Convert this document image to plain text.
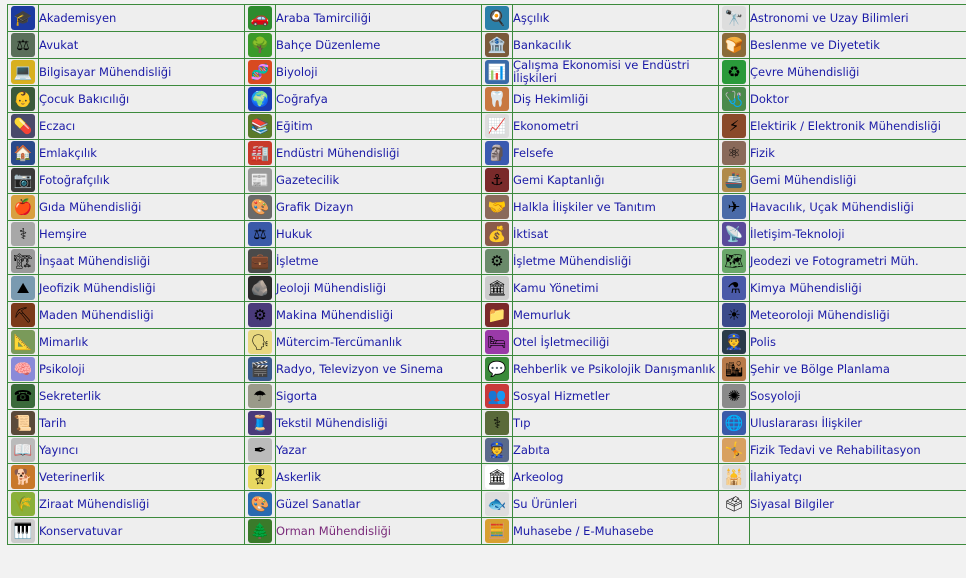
🎓	Akademisyen	🚗	Araba Tamirciliği	🍳	Aşçılık	🔭	Astronomi ve Uzay Bilimleri

⚖	Avukat	🌳	Bahçe Düzenleme	🏦	Bankacılık	🍞	Beslenme ve Diyetetik

💻	Bilgisayar Mühendisliği	🧬	Biyoloji	📊	Çalışma Ekonomisi ve Endüstri İlişkileri	♻	Çevre Mühendisliği

👶	Çocuk Bakıcılığı	🌍	Coğrafya	🦷	Diş Hekimliği	🩺	Doktor

💊	Eczacı	📚	Eğitim	📈	Ekonometri	⚡	Elektirik / Elektronik Mühendisliği

🏠	Emlakçılık	🏭	Endüstri Mühendisliği	🗿	Felsefe	⚛	Fizik

📷	Fotoğrafçılık	📰	Gazetecilik	⚓	Gemi Kaptanlığı	🚢	Gemi Mühendisliği

🍎	Gıda Mühendisliği	🎨	Grafik Dizayn	🤝	Halkla İlişkiler ve Tanıtım	✈	Havacılık, Uçak Mühendisliği

⚕	Hemşire	⚖	Hukuk	💰	İktisat	📡	İletişim-Teknoloji

🏗	İnşaat Mühendisliği	💼	İşletme	⚙	İşletme Mühendisliği	🗺	Jeodezi ve Fotogrametri Müh.

⛰	Jeofizik Mühendisliği	🪨	Jeoloji Mühendisliği	🏛	Kamu Yönetimi	⚗	Kimya Mühendisliği

⛏	Maden Mühendisliği	⚙	Makina Mühendisliği	📁	Memurluk	☀	Meteoroloji Mühendisliği

📐	Mimarlık	🗣	Mütercim-Tercümanlık	🛏	Otel İşletmeciliği	👮	Polis

🧠	Psikoloji	🎬	Radyo, Televizyon ve Sinema	💬	Rehberlik ve Psikolojik Danışmanlık	🏙	Şehir ve Bölge Planlama

☎	Sekreterlik	☂	Sigorta	👥	Sosyal Hizmetler	✺	Sosyoloji

📜	Tarih	🧵	Tekstil Mühendisliği	⚕	Tıp	🌐	Uluslararası İlişkiler

📖	Yayıncı	✒	Yazar	👮	Zabıta	🤸	Fizik Tedavi ve Rehabilitasyon

🐕	Veterinerlik	🎖	Askerlik	🏛	Arkeolog	🕌	İlahiyatçı

🌾	Ziraat Mühendisliği	🎨	Güzel Sanatlar	🐟	Su Ürünleri	🗳	Siyasal Bilgiler

🎹	Konservatuvar	🌲	Orman Mühendisliği	🧮	Muhasebe / E-Muhasebe		
